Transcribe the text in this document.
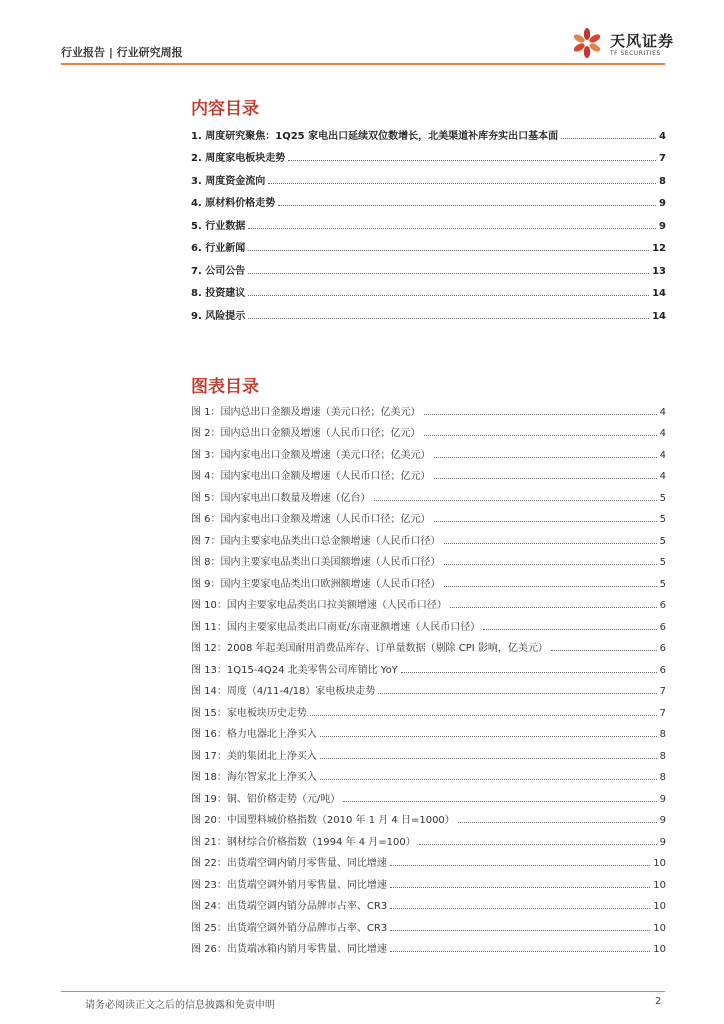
行业报告 | 行业研究周报
天风证券
TF SECURITIES
内容目录
1. 周度研究聚焦：1Q25 家电出口延续双位数增长，北美渠道补库夯实出口基本面	4
2. 周度家电板块走势	7
3. 周度资金流向	8
4. 原材料价格走势	9
5. 行业数据	9
6. 行业新闻	12
7. 公司公告	13
8. 投资建议	14
9. 风险提示	14
图表目录
图 1：国内总出口金额及增速（美元口径；亿美元）	4
图 2：国内总出口金额及增速（人民币口径；亿元）	4
图 3：国内家电出口金额及增速（美元口径；亿美元）	4
图 4：国内家电出口金额及增速（人民币口径；亿元）	4
图 5：国内家电出口数量及增速（亿台）	5
图 6：国内家电出口金额及增速（人民币口径；亿元）	5
图 7：国内主要家电品类出口总金额增速（人民币口径）	5
图 8：国内主要家电品类出口美国额增速（人民币口径）	5
图 9：国内主要家电品类出口欧洲额增速（人民币口径）	5
图 10：国内主要家电品类出口拉美额增速（人民币口径）	6
图 11：国内主要家电品类出口南亚/东南亚额增速（人民币口径）	6
图 12：2008 年起美国耐用消费品库存、订单量数据（剔除 CPI 影响，亿美元）	6
图 13：1Q15-4Q24 北美零售公司库销比 YoY	6
图 14：周度（4/11-4/18）家电板块走势	7
图 15：家电板块历史走势	7
图 16：格力电器北上净买入	8
图 17：美的集团北上净买入	8
图 18：海尔智家北上净买入	8
图 19：铜、铝价格走势（元/吨）	9
图 20：中国塑料城价格指数（2010 年 1 月 4 日=1000）	9
图 21：钢材综合价格指数（1994 年 4 月=100）	9
图 22：出货端空调内销月零售量、同比增速	10
图 23：出货端空调外销月零售量、同比增速	10
图 24：出货端空调内销分品牌市占率、CR3	10
图 25：出货端空调外销分品牌市占率、CR3	10
图 26：出货端冰箱内销月零售量、同比增速	10
请务必阅读正文之后的信息披露和免责申明	2
